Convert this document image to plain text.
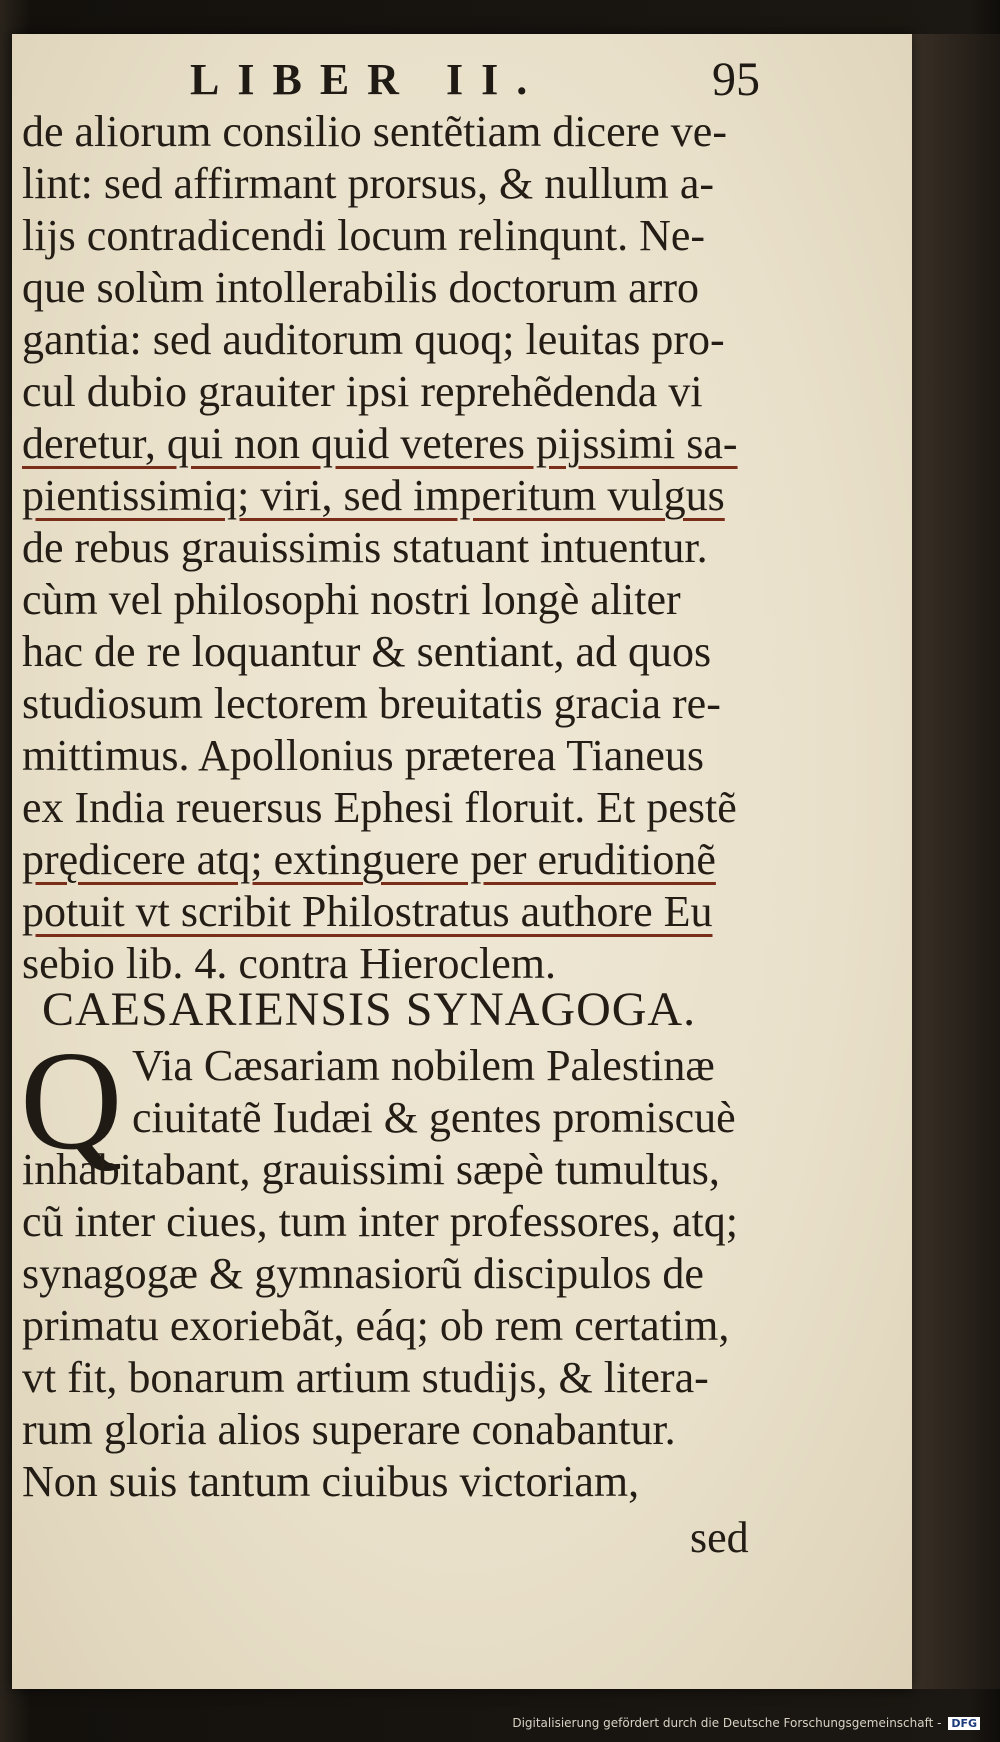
LIBER II.	95
de aliorum consilio sentẽtiam dicere ve-
lint: sed affirmant prorsus, & nullum a-
lijs contradicendi locum relinqunt. Ne-
que solùm intollerabilis doctorum arro
gantia: sed auditorum quoq; leuitas pro-
cul dubio grauiter ipsi reprehẽdenda vi
deretur, qui non quid veteres pijssimi sa-
pientissimiq; viri, sed imperitum vulgus
de rebus grauissimis statuant intuentur.
cùm vel philosophi nostri longè aliter
hac de re loquantur & sentiant, ad quos
studiosum lectorem breuitatis gracia re-
mittimus. Apollonius præterea Tianeus
ex India reuersus Ephesi floruit. Et pestẽ
prędicere atq; extinguere per eruditionẽ
potuit vt scribit Philostratus authore Eu
sebio lib. 4. contra Hieroclem.
CAESARIENSIS SYNAGOGA.
Q Via Cæsariam nobilem Palestinæ
ciuitatẽ Iudæi & gentes promiscuè
inhabitabant, grauissimi sæpè tumultus,
cũ inter ciues, tum inter professores, atq;
synagogæ & gymnasiorũ discipulos de
primatu exoriebãt, eáq; ob rem certatim,
vt fit, bonarum artium studijs, & litera-
rum gloria alios superare conabantur.
Non suis tantum ciuibus victoriam,
sed
Digitalisierung gefördert durch die Deutsche Forschungsgemeinschaft - DFG
